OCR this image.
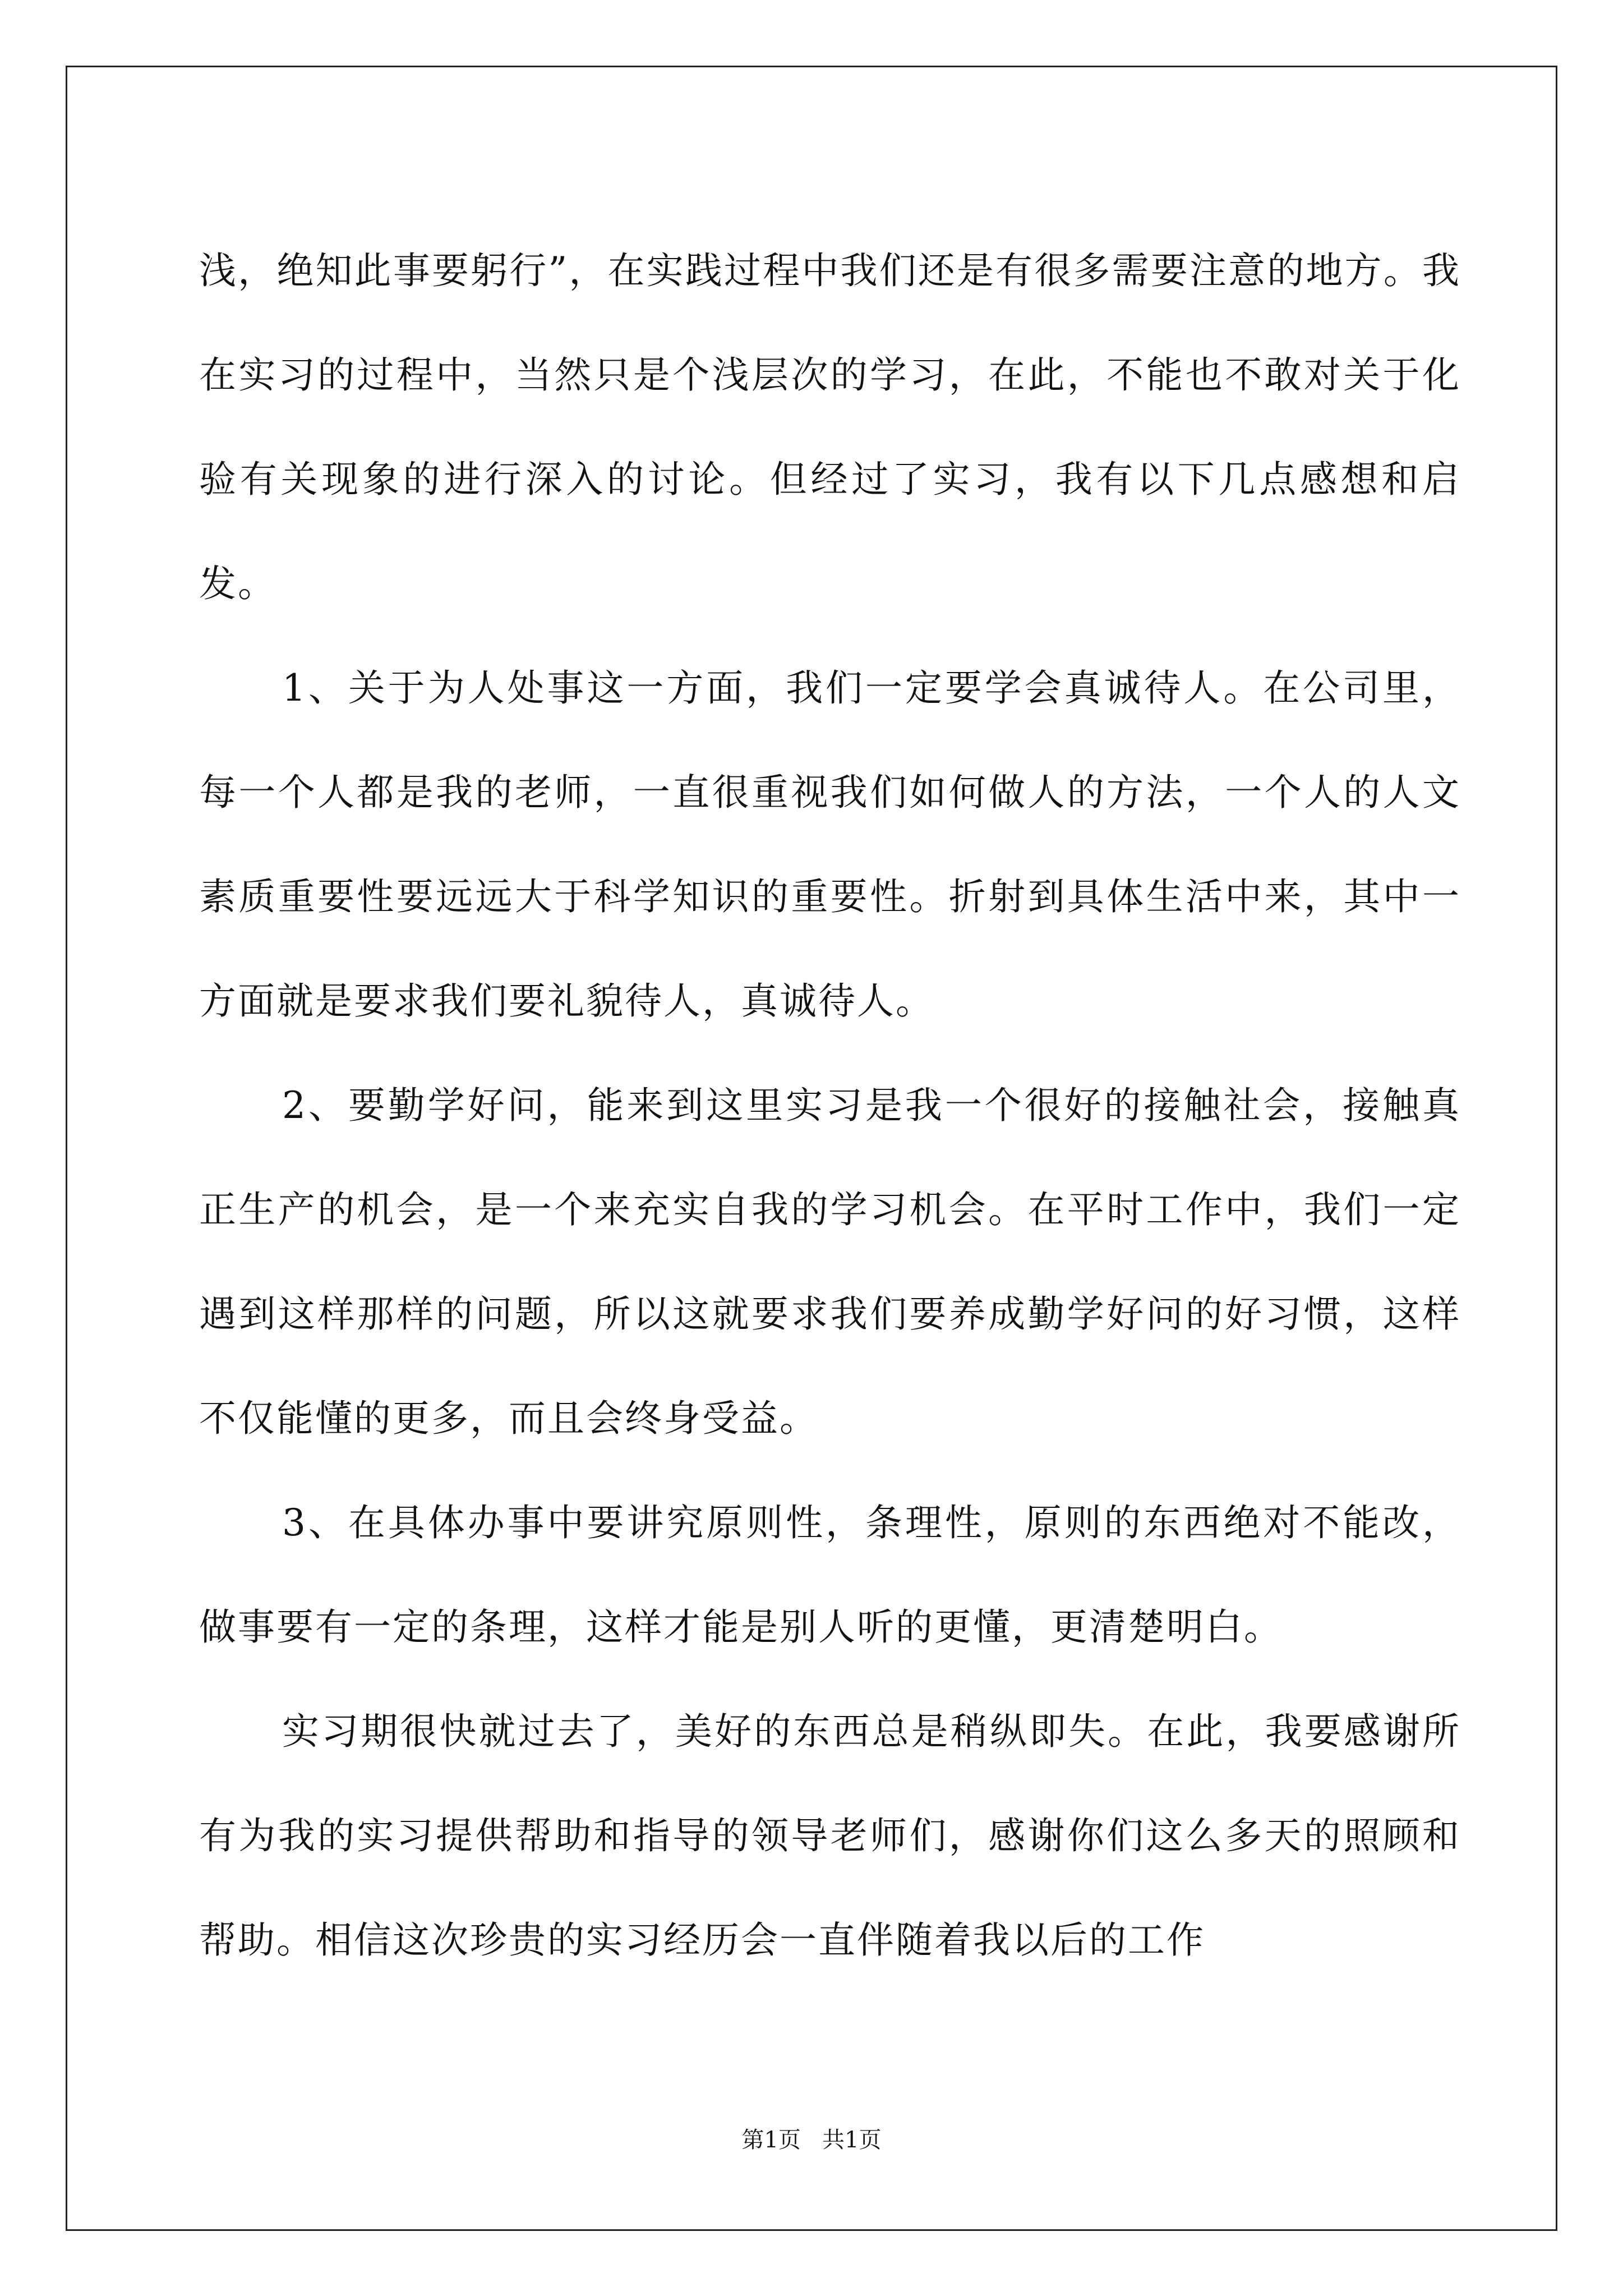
浅，绝知此事要躬行”，在实践过程中我们还是有很多需要注意的地方。我在实习的过程中，当然只是个浅层次的学习，在此，不能也不敢对关于化验有关现象的进行深入的讨论。但经过了实习，我有以下几点感想和启发。

1、关于为人处事这一方面，我们一定要学会真诚待人。在公司里，每一个人都是我的老师，一直很重视我们如何做人的方法，一个人的人文素质重要性要远远大于科学知识的重要性。折射到具体生活中来，其中一方面就是要求我们要礼貌待人，真诚待人。

2、要勤学好问，能来到这里实习是我一个很好的接触社会，接触真正生产的机会，是一个来充实自我的学习机会。在平时工作中，我们一定遇到这样那样的问题，所以这就要求我们要养成勤学好问的好习惯，这样不仅能懂的更多，而且会终身受益。

3、在具体办事中要讲究原则性，条理性，原则的东西绝对不能改，做事要有一定的条理，这样才能是别人听的更懂，更清楚明白。

实习期很快就过去了，美好的东西总是稍纵即失。在此，我要感谢所有为我的实习提供帮助和指导的领导老师们，感谢你们这么多天的照顾和帮助。相信这次珍贵的实习经历会一直伴随着我以后的工作

第1页   共1页
